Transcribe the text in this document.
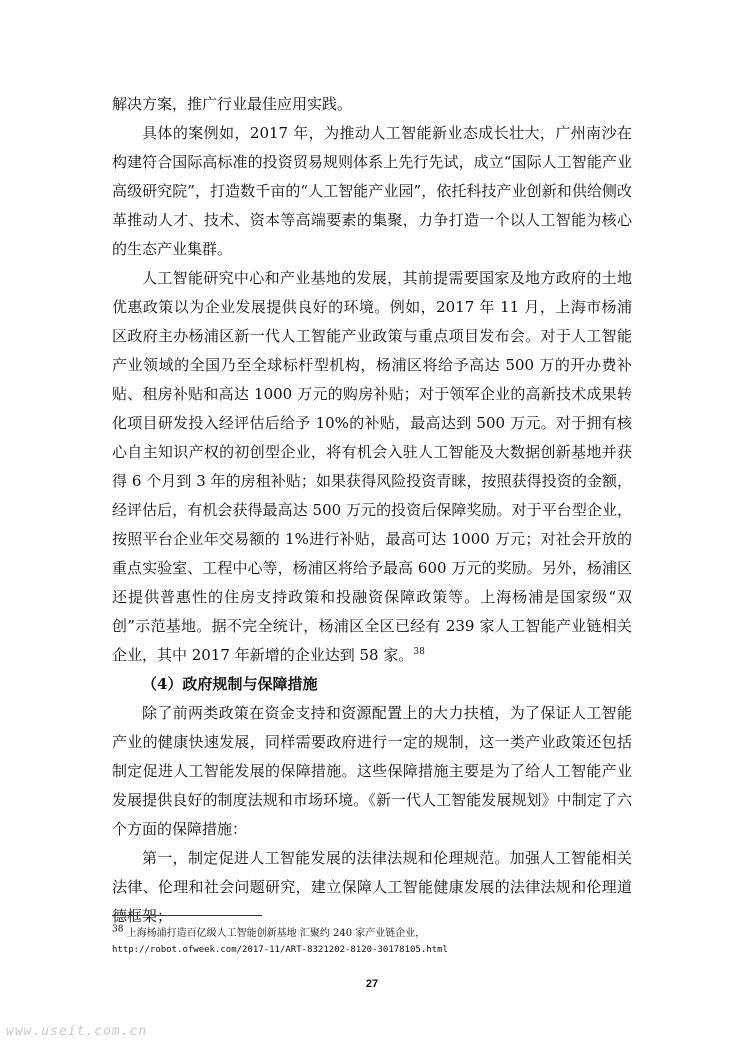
解决方案，推广行业最佳应用实践。

具体的案例如，2017 年，为推动人工智能新业态成长壮大，广州南沙在构建符合国际高标准的投资贸易规则体系上先行先试，成立“国际人工智能产业高级研究院”，打造数千亩的“人工智能产业园”，依托科技产业创新和供给侧改革推动人才、技术、资本等高端要素的集聚，力争打造一个以人工智能为核心的生态产业集群。

人工智能研究中心和产业基地的发展，其前提需要国家及地方政府的土地优惠政策以为企业发展提供良好的环境。例如，2017 年 11 月，上海市杨浦区政府主办杨浦区新一代人工智能产业政策与重点项目发布会。对于人工智能产业领域的全国乃至全球标杆型机构，杨浦区将给予高达 500 万的开办费补贴、租房补贴和高达 1000 万元的购房补贴；对于领军企业的高新技术成果转化项目研发投入经评估后给予 10%的补贴，最高达到 500 万元。对于拥有核心自主知识产权的初创型企业，将有机会入驻人工智能及大数据创新基地并获得 6 个月到 3 年的房租补贴；如果获得风险投资青睐，按照获得投资的金额，经评估后，有机会获得最高达 500 万元的投资后保障奖励。对于平台型企业，按照平台企业年交易额的 1%进行补贴，最高可达 1000 万元；对社会开放的重点实验室、工程中心等，杨浦区将给予最高 600 万元的奖励。另外，杨浦区还提供普惠性的住房支持政策和投融资保障政策等。上海杨浦是国家级“双创”示范基地。据不完全统计，杨浦区全区已经有 239 家人工智能产业链相关企业，其中 2017 年新增的企业达到 58 家。$^{38}$

（4）政府规制与保障措施

除了前两类政策在资金支持和资源配置上的大力扶植，为了保证人工智能产业的健康快速发展，同样需要政府进行一定的规制，这一类产业政策还包括制定促进人工智能发展的保障措施。这些保障措施主要是为了给人工智能产业发展提供良好的制度法规和市场环境。《新一代人工智能发展规划》中制定了六个方面的保障措施：

第一，制定促进人工智能发展的法律法规和伦理规范。加强人工智能相关法律、伦理和社会问题研究，建立保障人工智能健康发展的法律法规和伦理道德框架；

$^{38}$ 上海杨浦打造百亿级人工智能创新基地 汇聚约 240 家产业链企业，
http://robot.ofweek.com/2017-11/ART-8321202-8120-30178105.html
27
www.useit.com.cn
